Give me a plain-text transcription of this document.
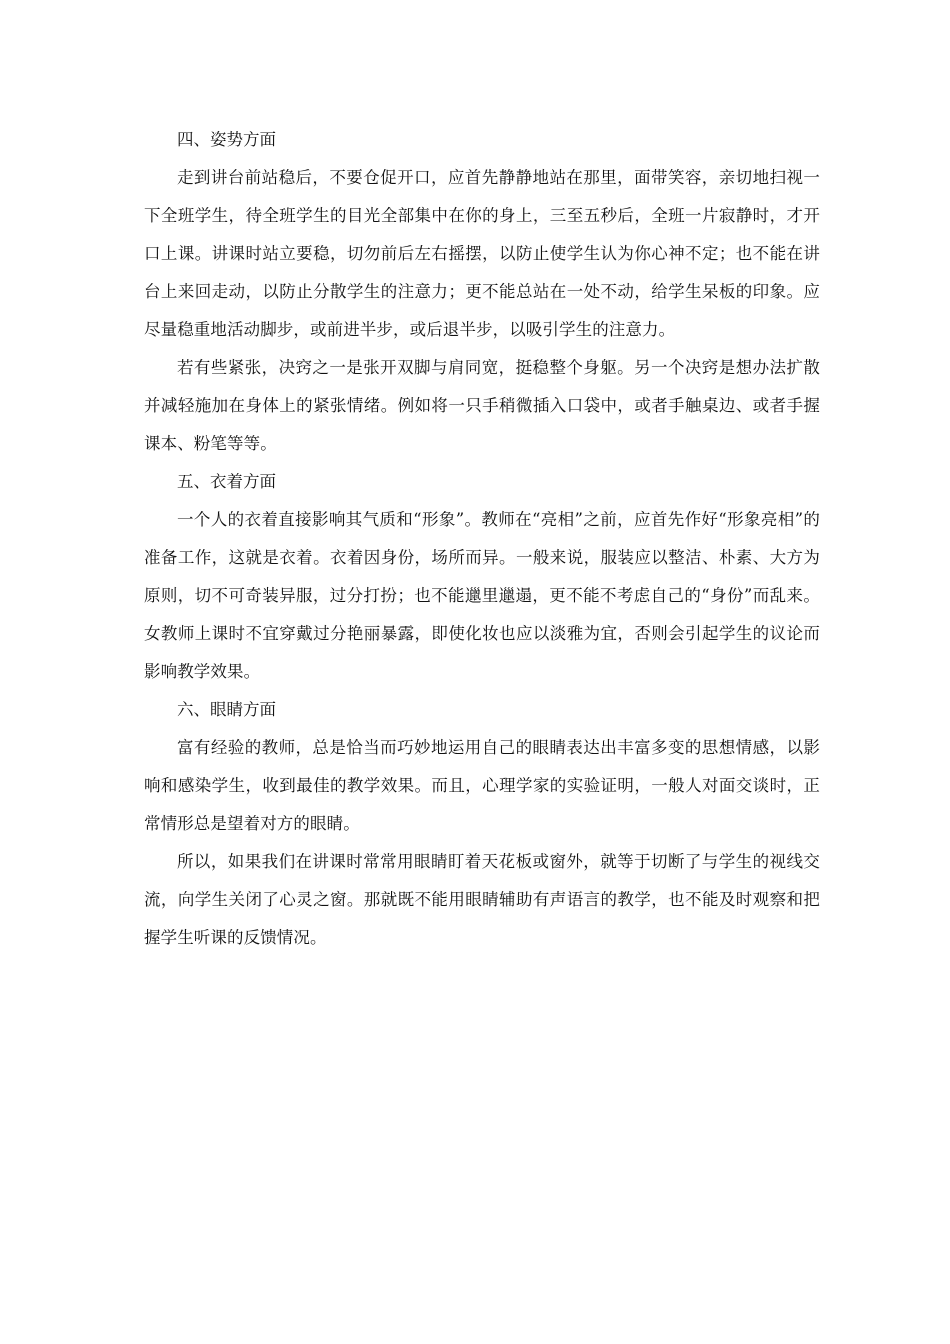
四、姿势方面

走到讲台前站稳后，不要仓促开口，应首先静静地站在那里，面带笑容，亲切地扫视一下全班学生，待全班学生的目光全部集中在你的身上，三至五秒后，全班一片寂静时，才开口上课。讲课时站立要稳，切勿前后左右摇摆，以防止使学生认为你心神不定；也不能在讲台上来回走动，以防止分散学生的注意力；更不能总站在一处不动，给学生呆板的印象。应尽量稳重地活动脚步，或前进半步，或后退半步，以吸引学生的注意力。

若有些紧张，决窍之一是张开双脚与肩同宽，挺稳整个身躯。另一个决窍是想办法扩散并减轻施加在身体上的紧张情绪。例如将一只手稍微插入口袋中，或者手触桌边、或者手握课本、粉笔等等。

五、衣着方面

一个人的衣着直接影响其气质和“形象”。教师在“亮相”之前，应首先作好“形象亮相”的准备工作，这就是衣着。衣着因身份，场所而异。一般来说，服装应以整洁、朴素、大方为原则，切不可奇装异服，过分打扮；也不能邋里邋遢，更不能不考虑自己的“身份”而乱来。女教师上课时不宜穿戴过分艳丽暴露，即使化妆也应以淡雅为宜，否则会引起学生的议论而影响教学效果。

六、眼睛方面

富有经验的教师，总是恰当而巧妙地运用自己的眼睛表达出丰富多变的思想情感，以影响和感染学生，收到最佳的教学效果。而且，心理学家的实验证明，一般人对面交谈时，正常情形总是望着对方的眼睛。

所以，如果我们在讲课时常常用眼睛盯着天花板或窗外，就等于切断了与学生的视线交流，向学生关闭了心灵之窗。那就既不能用眼睛辅助有声语言的教学，也不能及时观察和把握学生听课的反馈情况。
